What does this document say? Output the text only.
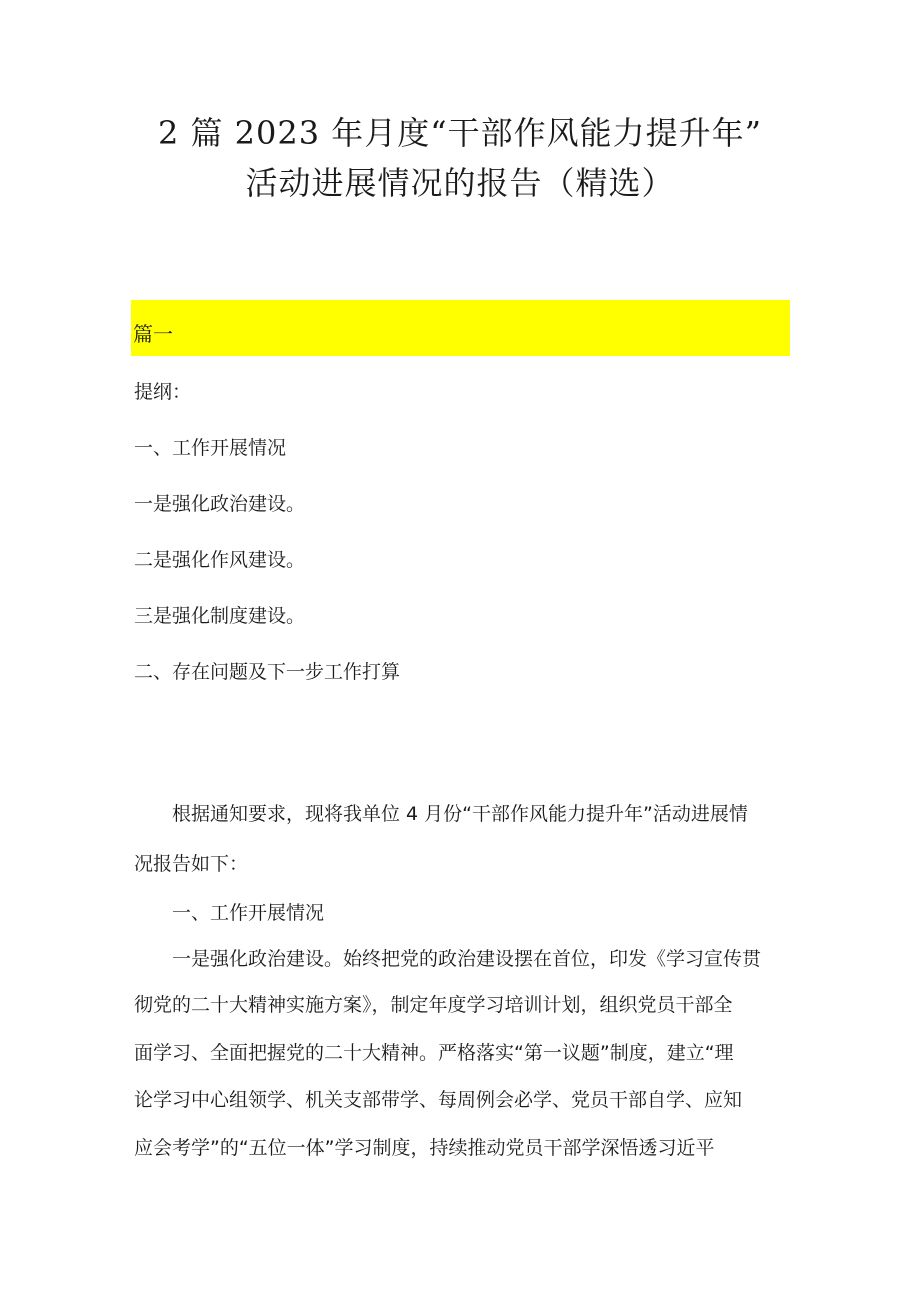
2 篇 2023 年月度“干部作风能力提升年”
活动进展情况的报告（精选）
篇一
提纲：
一、工作开展情况
一是强化政治建设。
二是强化作风建设。
三是强化制度建设。
二、存在问题及下一步工作打算
根据通知要求，现将我单位 4 月份“干部作风能力提升年”活动进展情
况报告如下：
一、工作开展情况
一是强化政治建设。始终把党的政治建设摆在首位，印发《学习宣传贯
彻党的二十大精神实施方案》，制定年度学习培训计划，组织党员干部全
面学习、全面把握党的二十大精神。严格落实“第一议题”制度，建立“理
论学习中心组领学、机关支部带学、每周例会必学、党员干部自学、应知
应会考学”的“五位一体”学习制度，持续推动党员干部学深悟透习近平
